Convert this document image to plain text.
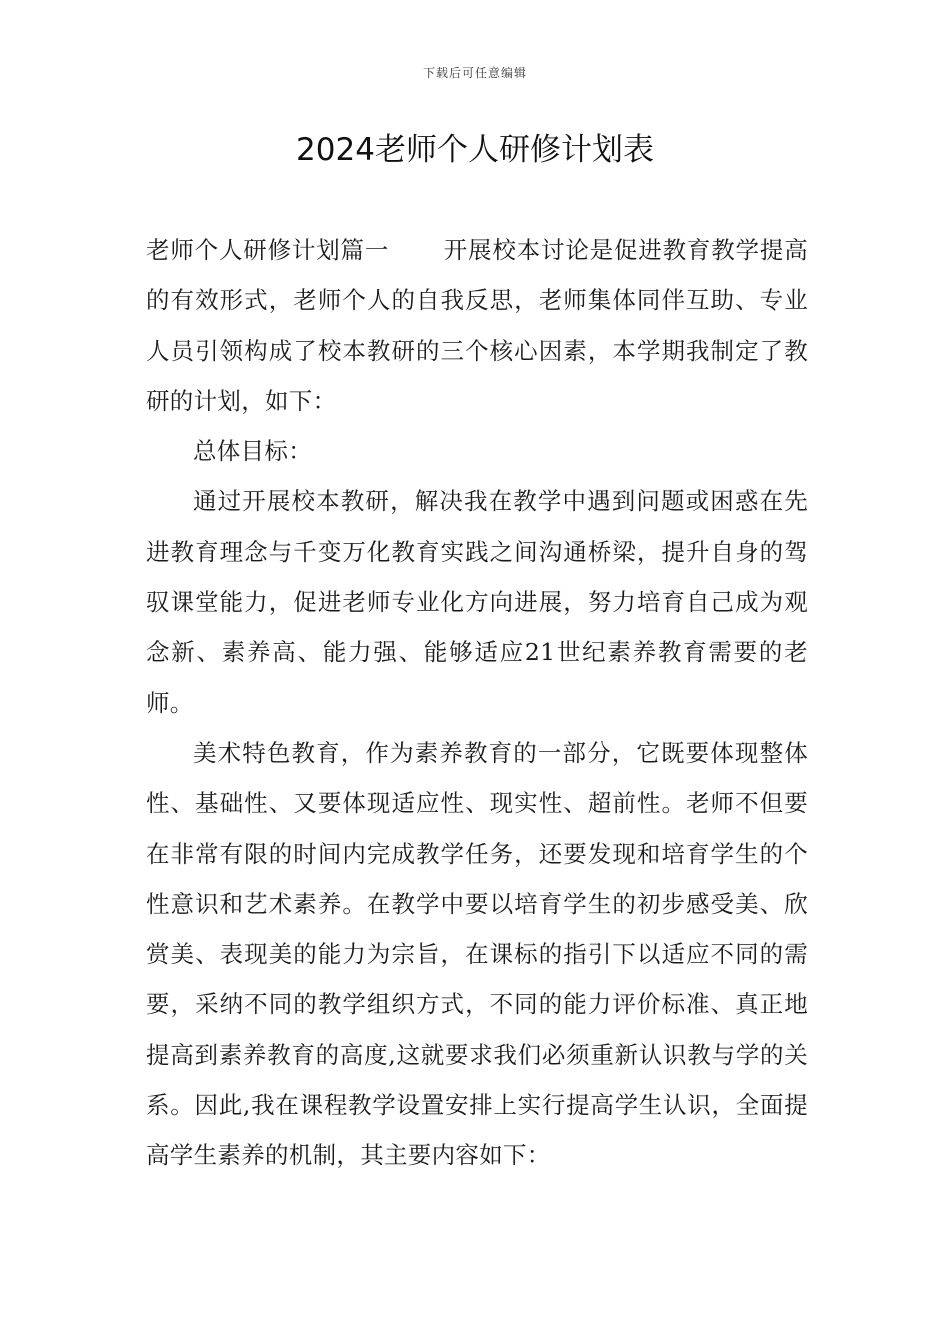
下载后可任意编辑
2024老师个人研修计划表

老师个人研修计划篇一 开展校本讨论是促进教育教学提高的有效形式，老师个人的自我反思，老师集体同伴互助、专业人员引领构成了校本教研的三个核心因素，本学期我制定了教研的计划，如下：

总体目标：

通过开展校本教研，解决我在教学中遇到问题或困惑在先进教育理念与千变万化教育实践之间沟通桥梁，提升自身的驾驭课堂能力，促进老师专业化方向进展，努力培育自己成为观念新、素养高、能力强、能够适应21世纪素养教育需要的老师。

美术特色教育，作为素养教育的一部分，它既要体现整体性、基础性、又要体现适应性、现实性、超前性。老师不但要在非常有限的时间内完成教学任务，还要发现和培育学生的个性意识和艺术素养。在教学中要以培育学生的初步感受美、欣赏美、表现美的能力为宗旨，在课标的指引下以适应不同的需要，采纳不同的教学组织方式，不同的能力评价标准、真正地提高到素养教育的高度,这就要求我们必须重新认识教与学的关系。因此,我在课程教学设置安排上实行提高学生认识，全面提高学生素养的机制，其主要内容如下：
